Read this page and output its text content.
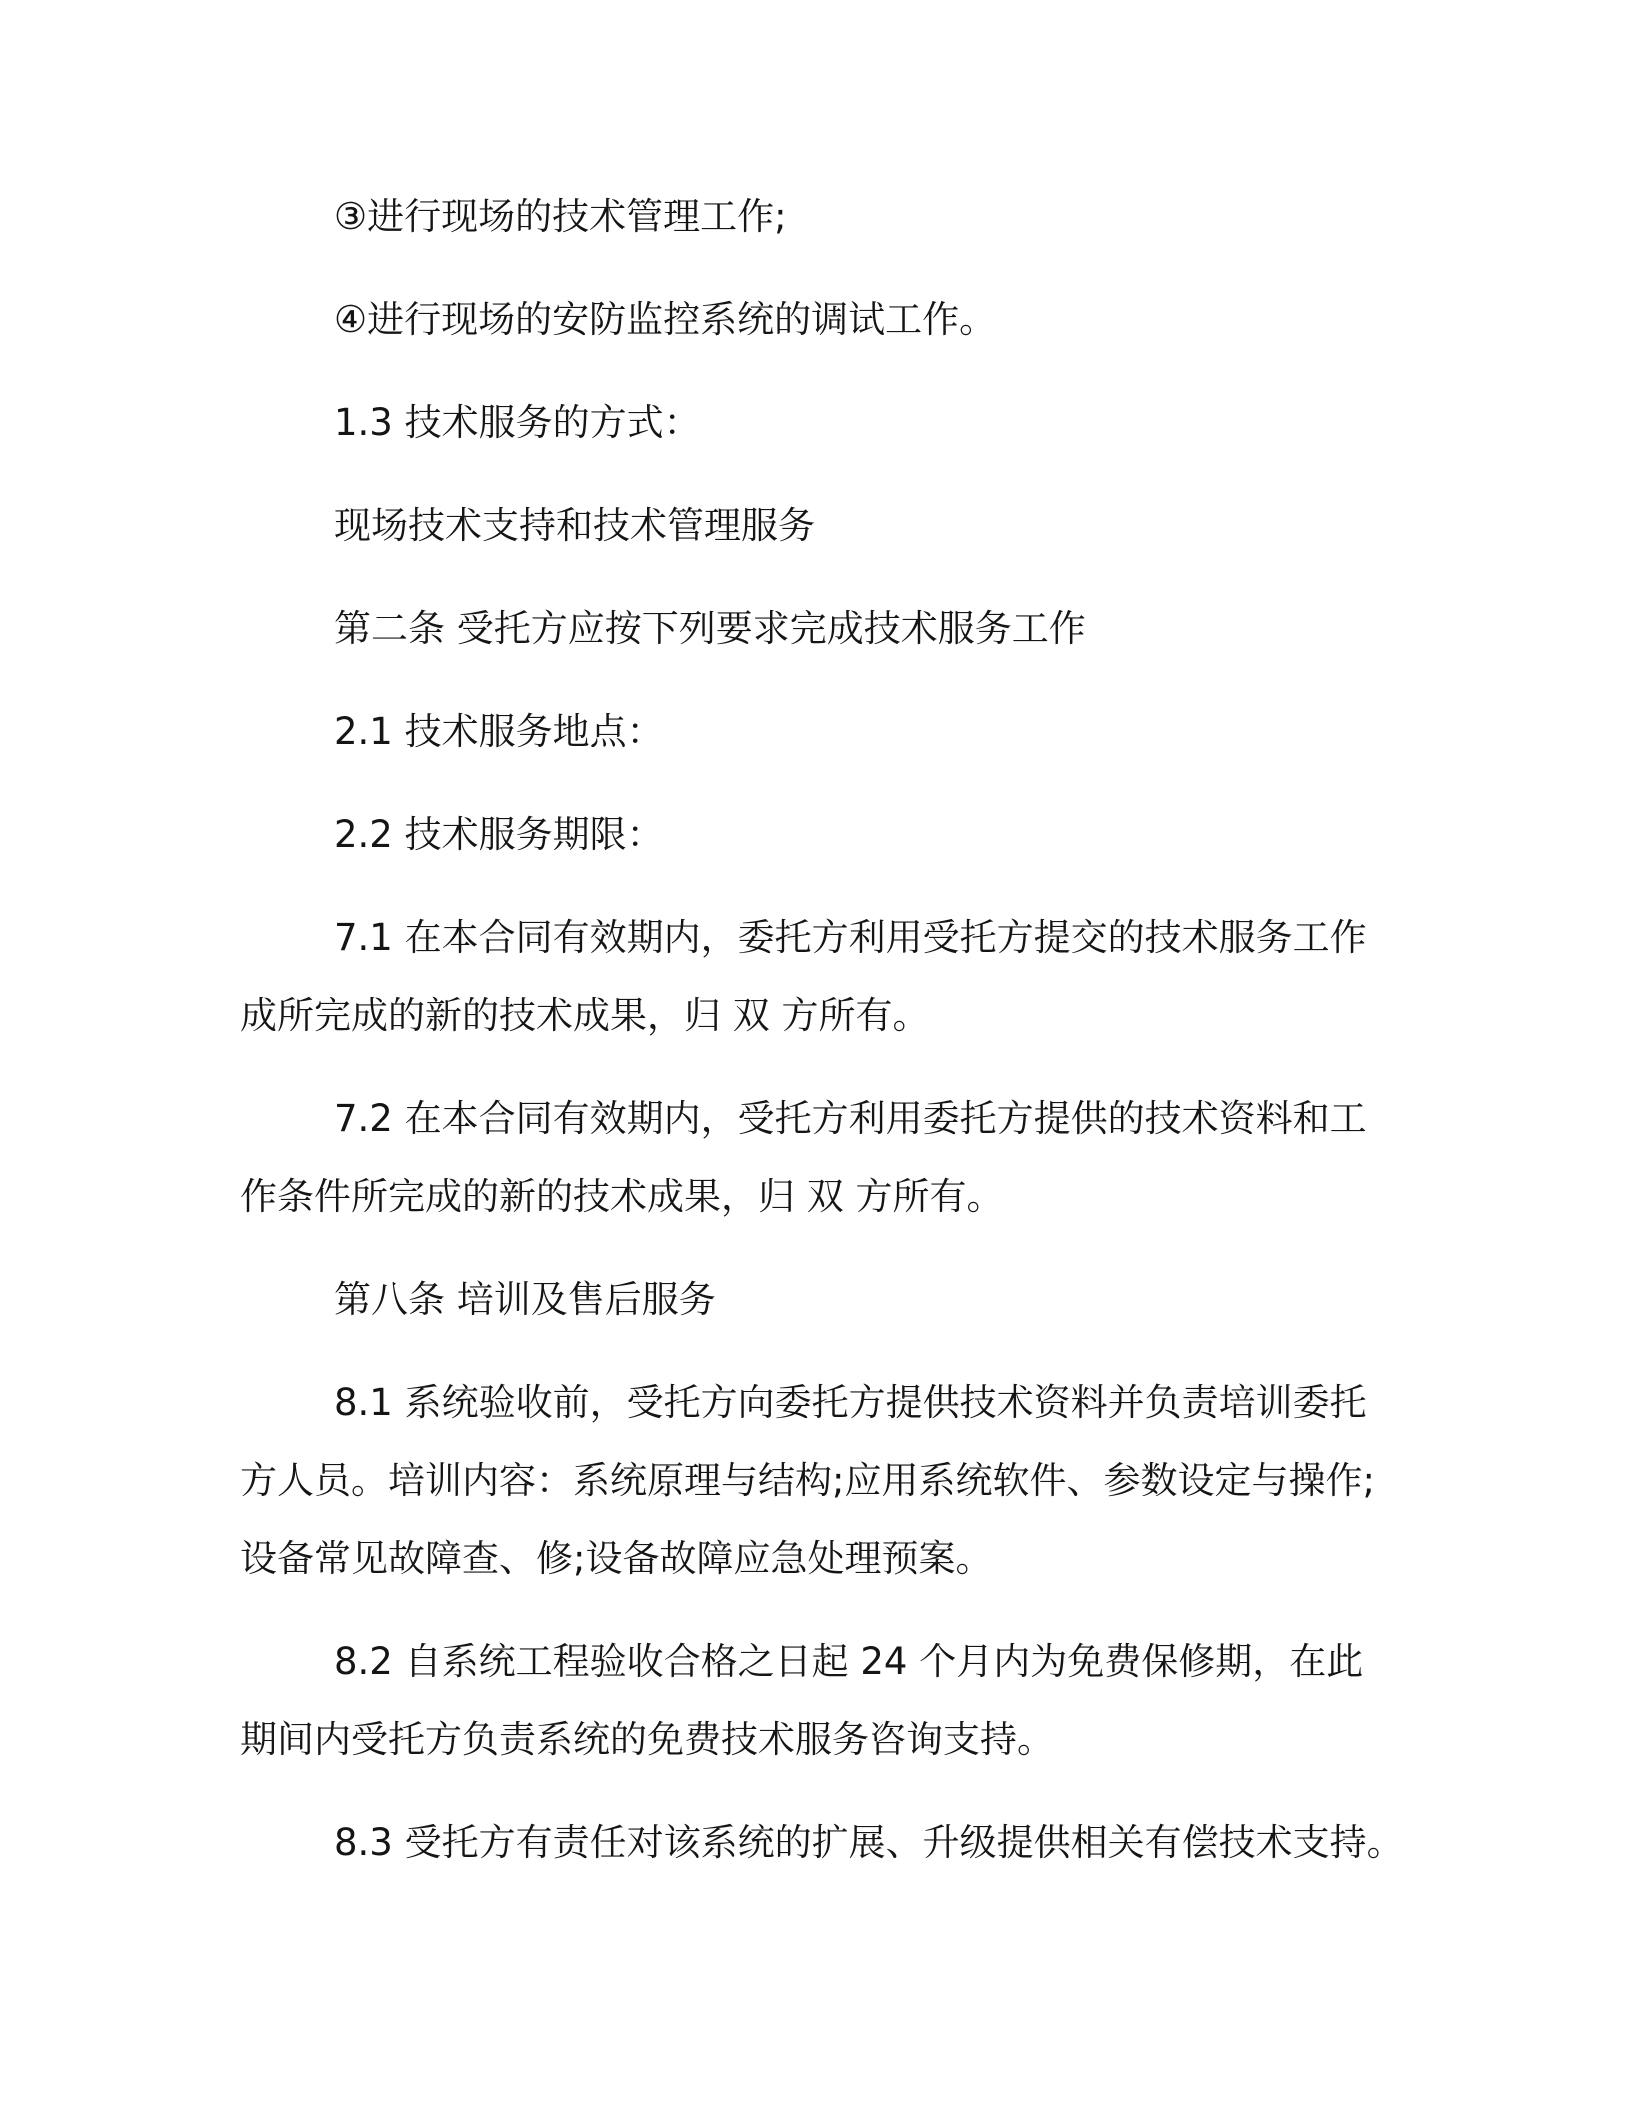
③进行现场的技术管理工作;
④进行现场的安防监控系统的调试工作。
1.3 技术服务的方式：
现场技术支持和技术管理服务
第二条 受托方应按下列要求完成技术服务工作
2.1 技术服务地点：
2.2 技术服务期限：
7.1 在本合同有效期内，委托方利用受托方提交的技术服务工作
成所完成的新的技术成果，归 双 方所有。
7.2 在本合同有效期内，受托方利用委托方提供的技术资料和工
作条件所完成的新的技术成果，归 双 方所有。
第八条 培训及售后服务
8.1 系统验收前，受托方向委托方提供技术资料并负责培训委托
方人员。培训内容：系统原理与结构;应用系统软件、参数设定与操作;
设备常见故障查、修;设备故障应急处理预案。
8.2 自系统工程验收合格之日起 24 个月内为免费保修期，在此
期间内受托方负责系统的免费技术服务咨询支持。
8.3 受托方有责任对该系统的扩展、升级提供相关有偿技术支持。
